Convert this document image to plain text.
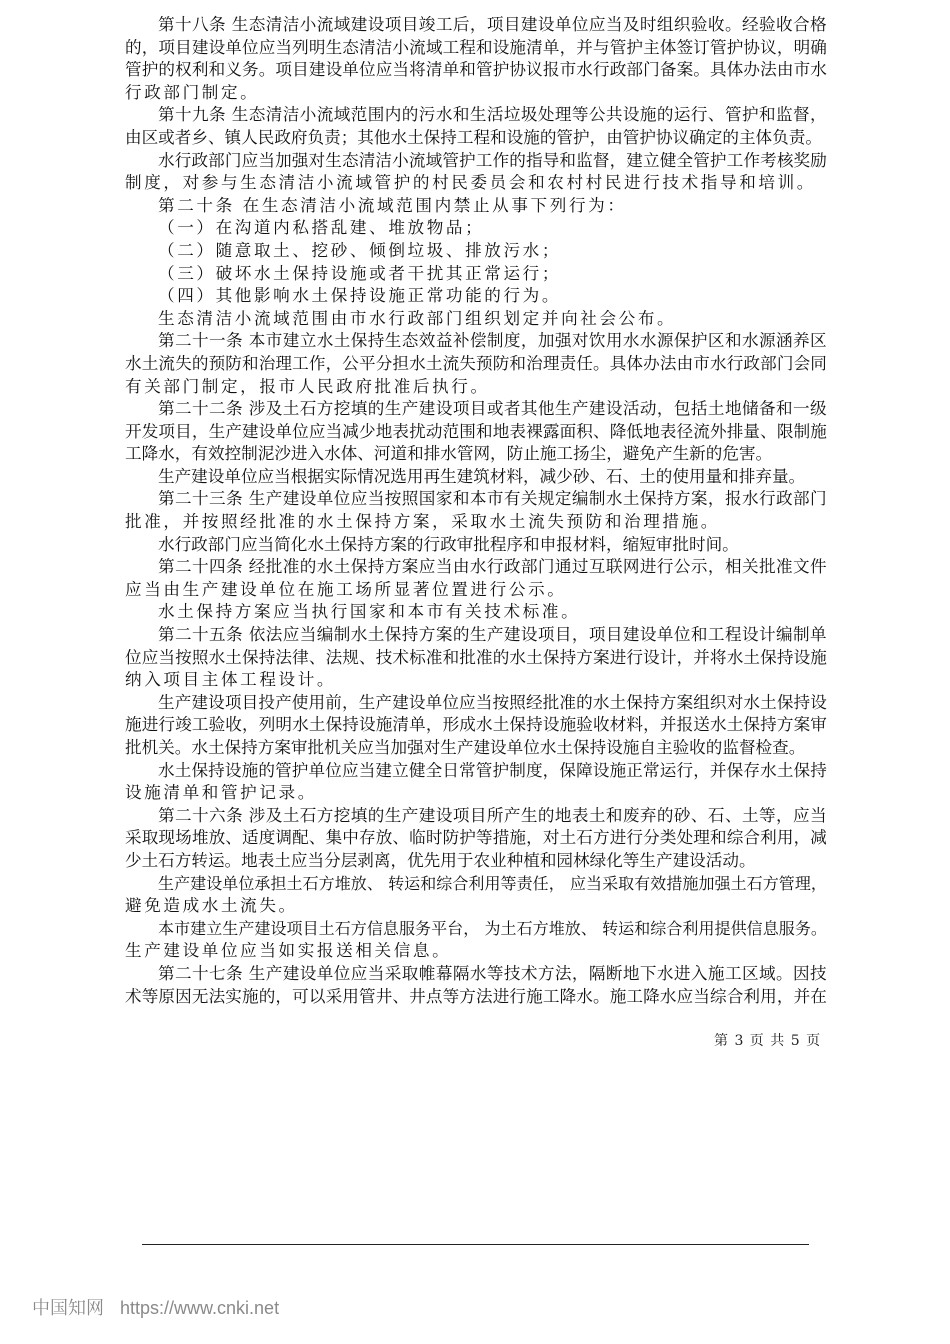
第十八条 生态清洁小流域建设项目竣工后，项目建设单位应当及时组织验收。经验收合格
的，项目建设单位应当列明生态清洁小流域工程和设施清单，并与管护主体签订管护协议，明确
管护的权利和义务。项目建设单位应当将清单和管护协议报市水行政部门备案。具体办法由市水
行政部门制定。
第十九条 生态清洁小流域范围内的污水和生活垃圾处理等公共设施的运行、管护和监督，
由区或者乡、镇人民政府负责；其他水土保持工程和设施的管护，由管护协议确定的主体负责。
水行政部门应当加强对生态清洁小流域管护工作的指导和监督，建立健全管护工作考核奖励
制度，对参与生态清洁小流域管护的村民委员会和农村村民进行技术指导和培训。
第二十条 在生态清洁小流域范围内禁止从事下列行为：
（一）在沟道内私搭乱建、堆放物品；
（二）随意取土、挖砂、倾倒垃圾、排放污水；
（三）破坏水土保持设施或者干扰其正常运行；
（四）其他影响水土保持设施正常功能的行为。
生态清洁小流域范围由市水行政部门组织划定并向社会公布。
第二十一条 本市建立水土保持生态效益补偿制度，加强对饮用水水源保护区和水源涵养区
水土流失的预防和治理工作，公平分担水土流失预防和治理责任。具体办法由市水行政部门会同
有关部门制定，报市人民政府批准后执行。
第二十二条 涉及土石方挖填的生产建设项目或者其他生产建设活动，包括土地储备和一级
开发项目，生产建设单位应当减少地表扰动范围和地表裸露面积、降低地表径流外排量、限制施
工降水，有效控制泥沙进入水体、河道和排水管网，防止施工扬尘，避免产生新的危害。
生产建设单位应当根据实际情况选用再生建筑材料，减少砂、石、土的使用量和排弃量。
第二十三条 生产建设单位应当按照国家和本市有关规定编制水土保持方案，报水行政部门
批准，并按照经批准的水土保持方案，采取水土流失预防和治理措施。
水行政部门应当简化水土保持方案的行政审批程序和申报材料，缩短审批时间。
第二十四条 经批准的水土保持方案应当由水行政部门通过互联网进行公示，相关批准文件
应当由生产建设单位在施工场所显著位置进行公示。
水土保持方案应当执行国家和本市有关技术标准。
第二十五条 依法应当编制水土保持方案的生产建设项目，项目建设单位和工程设计编制单
位应当按照水土保持法律、法规、技术标准和批准的水土保持方案进行设计，并将水土保持设施
纳入项目主体工程设计。
生产建设项目投产使用前，生产建设单位应当按照经批准的水土保持方案组织对水土保持设
施进行竣工验收，列明水土保持设施清单，形成水土保持设施验收材料，并报送水土保持方案审
批机关。水土保持方案审批机关应当加强对生产建设单位水土保持设施自主验收的监督检查。
水土保持设施的管护单位应当建立健全日常管护制度，保障设施正常运行，并保存水土保持
设施清单和管护记录。
第二十六条 涉及土石方挖填的生产建设项目所产生的地表土和废弃的砂、石、土等，应当
采取现场堆放、适度调配、集中存放、临时防护等措施，对土石方进行分类处理和综合利用，减
少土石方转运。地表土应当分层剥离，优先用于农业种植和园林绿化等生产建设活动。
生产建设单位承担土石方堆放、 转运和综合利用等责任， 应当采取有效措施加强土石方管理，
避免造成水土流失。
本市建立生产建设项目土石方信息服务平台， 为土石方堆放、 转运和综合利用提供信息服务。
生产建设单位应当如实报送相关信息。
第二十七条 生产建设单位应当采取帷幕隔水等技术方法，隔断地下水进入施工区域。因技
术等原因无法实施的，可以采用管井、井点等方法进行施工降水。施工降水应当综合利用，并在
第 3 页 共 5 页
中国知网 https://www.cnki.net
